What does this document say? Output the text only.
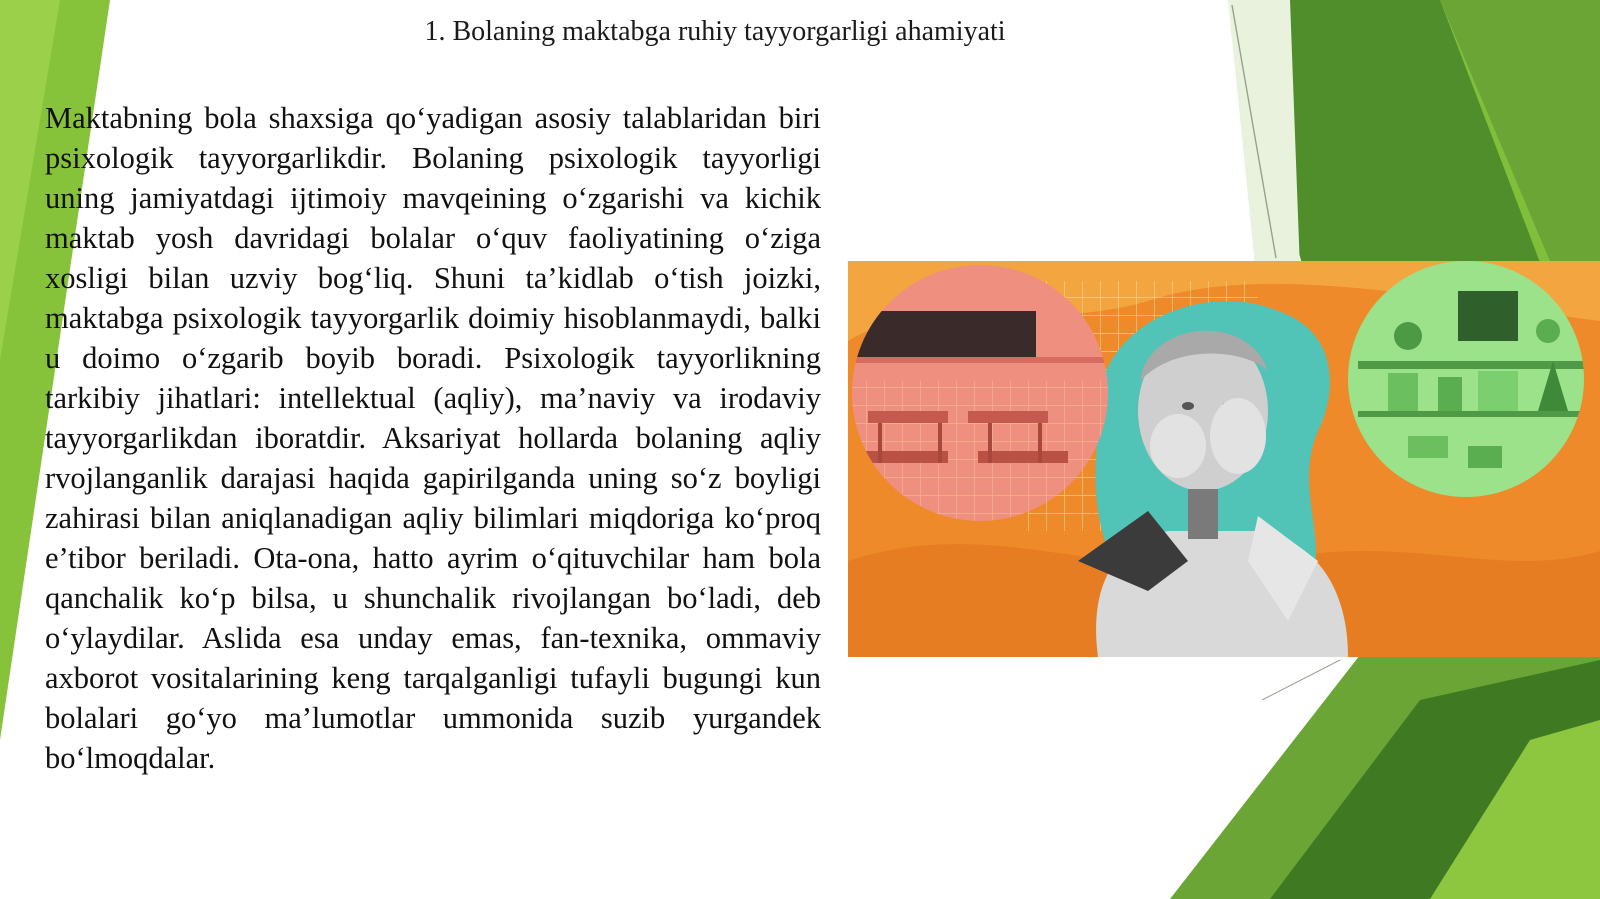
1. Bolaning maktabga ruhiy tayyorgarligi ahamiyati

Maktabning bola shaxsiga qo‘yadigan asosiy talablaridan biri psixologik tayyorgarlikdir. Bolaning psixologik tayyorligi uning jamiyatdagi ijtimoiy mavqeining o‘zgarishi va kichik maktab yosh davridagi bolalar o‘quv faoliyatining o‘ziga xosligi bilan uzviy bog‘liq. Shuni ta’kidlab o‘tish joizki, maktabga psixologik tayyorgarlik doimiy hisoblanmaydi, balki u doimo o‘zgarib boyib boradi. Psixologik tayyorlikning tarkibiy jihatlari: intellektual (aqliy), ma’naviy va irodaviy tayyorgarlikdan iboratdir. Aksariyat hollarda bolaning aqliy rvojlanganlik darajasi haqida gapirilganda uning so‘z boyligi zahirasi bilan aniqlanadigan aqliy bilimlari miqdoriga ko‘proq e’tibor beriladi. Ota-ona, hatto ayrim o‘qituvchilar ham bola qanchalik ko‘p bilsa, u shunchalik rivojlangan bo‘ladi, deb o‘ylaydilar. Aslida esa unday emas, fan-texnika, ommaviy axborot vositalarining keng tarqalganligi tufayli bugungi kun bolalari go‘yo ma’lumotlar ummonida suzib yurgandek bo‘lmoqdalar.
